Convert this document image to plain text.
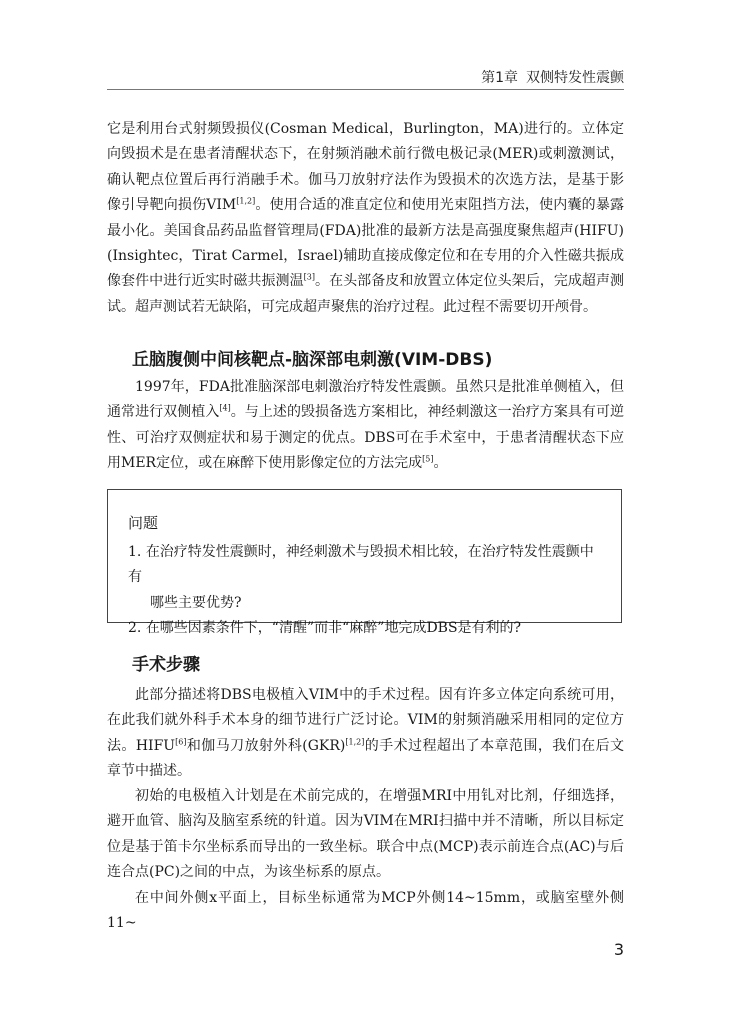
第1章 双侧特发性震颤

它是利用台式射频毁损仪(Cosman Medical，Burlington，MA)进行的。立体定向毁损术是在患者清醒状态下，在射频消融术前行微电极记录(MER)或刺激测试，确认靶点位置后再行消融手术。伽马刀放射疗法作为毁损术的次选方法，是基于影像引导靶向损伤VIM[1,2]。使用合适的准直定位和使用光束阻挡方法，使内囊的暴露最小化。美国食品药品监督管理局(FDA)批准的最新方法是高强度聚焦超声(HIFU)(Insightec，Tirat Carmel，Israel)辅助直接成像定位和在专用的介入性磁共振成像套件中进行近实时磁共振测温[3]。在头部备皮和放置立体定位头架后，完成超声测试。超声测试若无缺陷，可完成超声聚焦的治疗过程。此过程不需要切开颅骨。

丘脑腹侧中间核靶点-脑深部电刺激(VIM-DBS)

1997年，FDA批准脑深部电刺激治疗特发性震颤。虽然只是批准单侧植入，但通常进行双侧植入[4]。与上述的毁损备选方案相比，神经刺激这一治疗方案具有可逆性、可治疗双侧症状和易于测定的优点。DBS可在手术室中，于患者清醒状态下应用MER定位，或在麻醉下使用影像定位的方法完成[5]。

问题
1. 在治疗特发性震颤时，神经刺激术与毁损术相比较，在治疗特发性震颤中有
哪些主要优势?
2. 在哪些因素条件下，“清醒”而非“麻醉”地完成DBS是有利的?
手术步骤

此部分描述将DBS电极植入VIM中的手术过程。因有许多立体定向系统可用，在此我们就外科手术本身的细节进行广泛讨论。VIM的射频消融采用相同的定位方法。HIFU[6]和伽马刀放射外科(GKR)[1,2]的手术过程超出了本章范围，我们在后文章节中描述。

初始的电极植入计划是在术前完成的，在增强MRI中用钆对比剂，仔细选择，避开血管、脑沟及脑室系统的针道。因为VIM在MRI扫描中并不清晰，所以目标定位是基于笛卡尔坐标系而导出的一致坐标。联合中点(MCP)表示前连合点(AC)与后连合点(PC)之间的中点，为该坐标系的原点。

在中间外侧x平面上，目标坐标通常为MCP外侧14~15mm，或脑室壁外侧11~

3
